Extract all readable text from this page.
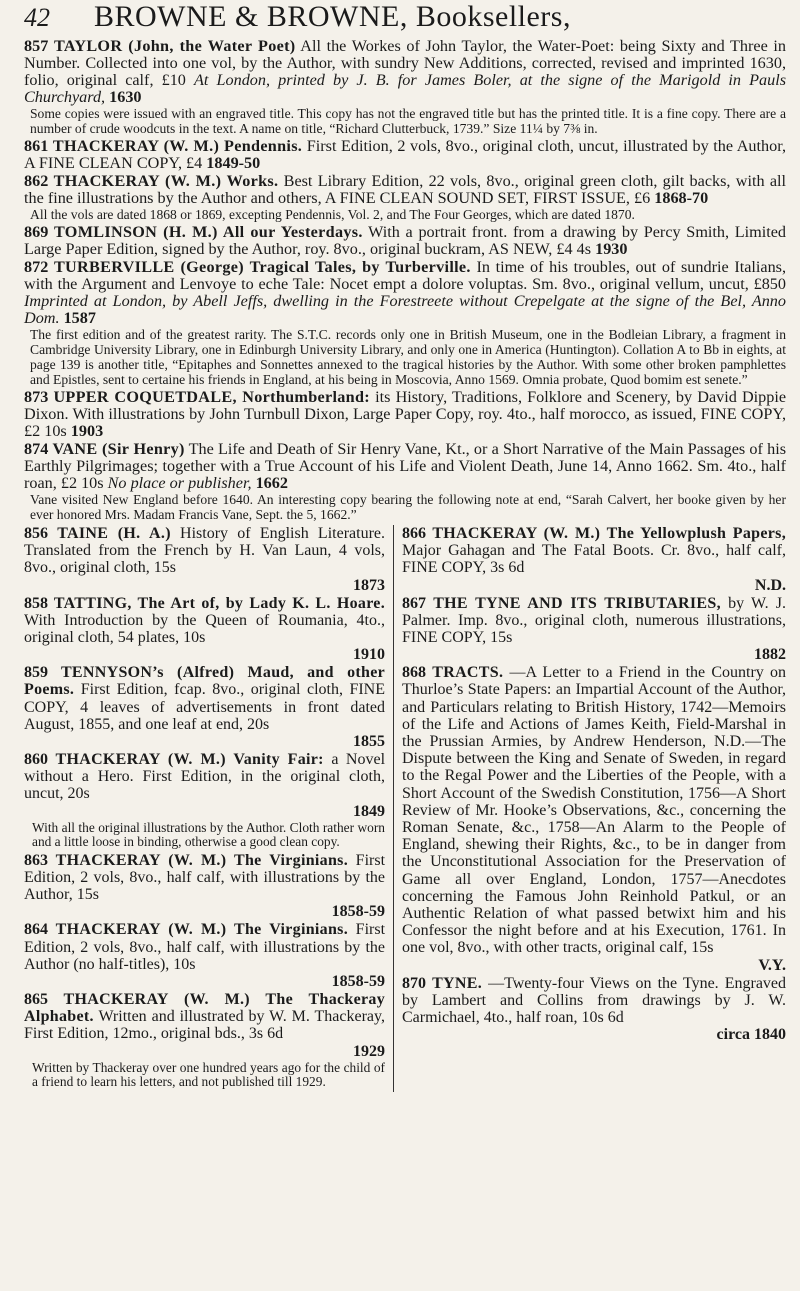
42	BROWNE & BROWNE, Booksellers,

857 TAYLOR (John, the Water Poet) All the Workes of John Taylor, the Water-Poet: being Sixty and Three in Number. Collected into one vol, by the Author, with sundry New Additions, corrected, revised and imprinted 1630, folio, original calf, £10 At London, printed by J. B. for James Boler, at the signe of the Marigold in Pauls Churchyard, 1630

Some copies were issued with an engraved title. This copy has not the engraved title but has the printed title. It is a fine copy. There are a number of crude woodcuts in the text. A name on title, “Richard Clutterbuck, 1739.” Size 11¼ by 7⅜ in.

861 THACKERAY (W. M.) Pendennis. First Edition, 2 vols, 8vo., original cloth, uncut, illustrated by the Author, A FINE CLEAN COPY, £4 1849-50

862 THACKERAY (W. M.) Works. Best Library Edition, 22 vols, 8vo., original green cloth, gilt backs, with all the fine illustrations by the Author and others, A FINE CLEAN SOUND SET, FIRST ISSUE, £6 1868-70

All the vols are dated 1868 or 1869, excepting Pendennis, Vol. 2, and The Four Georges, which are dated 1870.

869 TOMLINSON (H. M.) All our Yesterdays. With a portrait front. from a drawing by Percy Smith, Limited Large Paper Edition, signed by the Author, roy. 8vo., original buckram, AS NEW, £4 4s 1930

872 TURBERVILLE (George) Tragical Tales, by Turberville. In time of his troubles, out of sundrie Italians, with the Argument and Lenvoye to eche Tale: Nocet empt a dolore voluptas. Sm. 8vo., original vellum, uncut, £850 Imprinted at London, by Abell Jeffs, dwelling in the Forestreete without Crepelgate at the signe of the Bel, Anno Dom. 1587

The first edition and of the greatest rarity. The S.T.C. records only one in British Museum, one in the Bodleian Library, a fragment in Cambridge University Library, one in Edinburgh University Library, and only one in America (Huntington). Collation A to Bb in eights, at page 139 is another title, “Epitaphes and Sonnettes annexed to the tragical histories by the Author. With some other broken pamphlettes and Epistles, sent to certaine his friends in England, at his being in Moscovia, Anno 1569. Omnia probate, Quod bomim est senete.”

873 UPPER COQUETDALE, Northumberland: its History, Traditions, Folklore and Scenery, by David Dippie Dixon. With illustrations by John Turnbull Dixon, Large Paper Copy, roy. 4to., half morocco, as issued, FINE COPY, £2 10s 1903

874 VANE (Sir Henry) The Life and Death of Sir Henry Vane, Kt., or a Short Narrative of the Main Passages of his Earthly Pilgrimages; together with a True Account of his Life and Violent Death, June 14, Anno 1662. Sm. 4to., half roan, £2 10s No place or publisher, 1662

Vane visited New England before 1640. An interesting copy bearing the following note at end, “Sarah Calvert, her booke given by her ever honored Mrs. Madam Francis Vane, Sept. the 5, 1662.”

856 TAINE (H. A.) History of English Literature. Translated from the French by H. Van Laun, 4 vols, 8vo., original cloth, 15s

1873

858 TATTING, The Art of, by Lady K. L. Hoare. With Introduction by the Queen of Roumania, 4to., original cloth, 54 plates, 10s

1910

859 TENNYSON’s (Alfred) Maud, and other Poems. First Edition, fcap. 8vo., original cloth, FINE COPY, 4 leaves of advertisements in front dated August, 1855, and one leaf at end, 20s

1855

860 THACKERAY (W. M.) Vanity Fair: a Novel without a Hero. First Edition, in the original cloth, uncut, 20s

1849

With all the original illustrations by the Author. Cloth rather worn and a little loose in binding, otherwise a good clean copy.

863 THACKERAY (W. M.) The Virginians. First Edition, 2 vols, 8vo., half calf, with illustrations by the Author, 15s

1858-59

864 THACKERAY (W. M.) The Virginians. First Edition, 2 vols, 8vo., half calf, with illustrations by the Author (no half-titles), 10s

1858-59

865 THACKERAY (W. M.) The Thackeray Alphabet. Written and illustrated by W. M. Thackeray, First Edition, 12mo., original bds., 3s 6d

1929

Written by Thackeray over one hundred years ago for the child of a friend to learn his letters, and not published till 1929.

866 THACKERAY (W. M.) The Yellowplush Papers, Major Gahagan and The Fatal Boots. Cr. 8vo., half calf, FINE COPY, 3s 6d

N.D.

867 THE TYNE AND ITS TRIBUTARIES, by W. J. Palmer. Imp. 8vo., original cloth, numerous illustrations, FINE COPY, 15s

1882

868 TRACTS. —A Letter to a Friend in the Country on Thurloe’s State Papers: an Impartial Account of the Author, and Particulars relating to British History, 1742—Memoirs of the Life and Actions of James Keith, Field-Marshal in the Prussian Armies, by Andrew Henderson, N.D.—The Dispute between the King and Senate of Sweden, in regard to the Regal Power and the Liberties of the People, with a Short Account of the Swedish Constitution, 1756—A Short Review of Mr. Hooke’s Observations, &c., concerning the Roman Senate, &c., 1758—An Alarm to the People of England, shewing their Rights, &c., to be in danger from the Unconstitutional Association for the Preservation of Game all over England, London, 1757—Anecdotes concerning the Famous John Reinhold Patkul, or an Authentic Relation of what passed betwixt him and his Confessor the night before and at his Execution, 1761. In one vol, 8vo., with other tracts, original calf, 15s

V.Y.

870 TYNE. —Twenty-four Views on the Tyne. Engraved by Lambert and Collins from drawings by J. W. Carmichael, 4to., half roan, 10s 6d

circa 1840
